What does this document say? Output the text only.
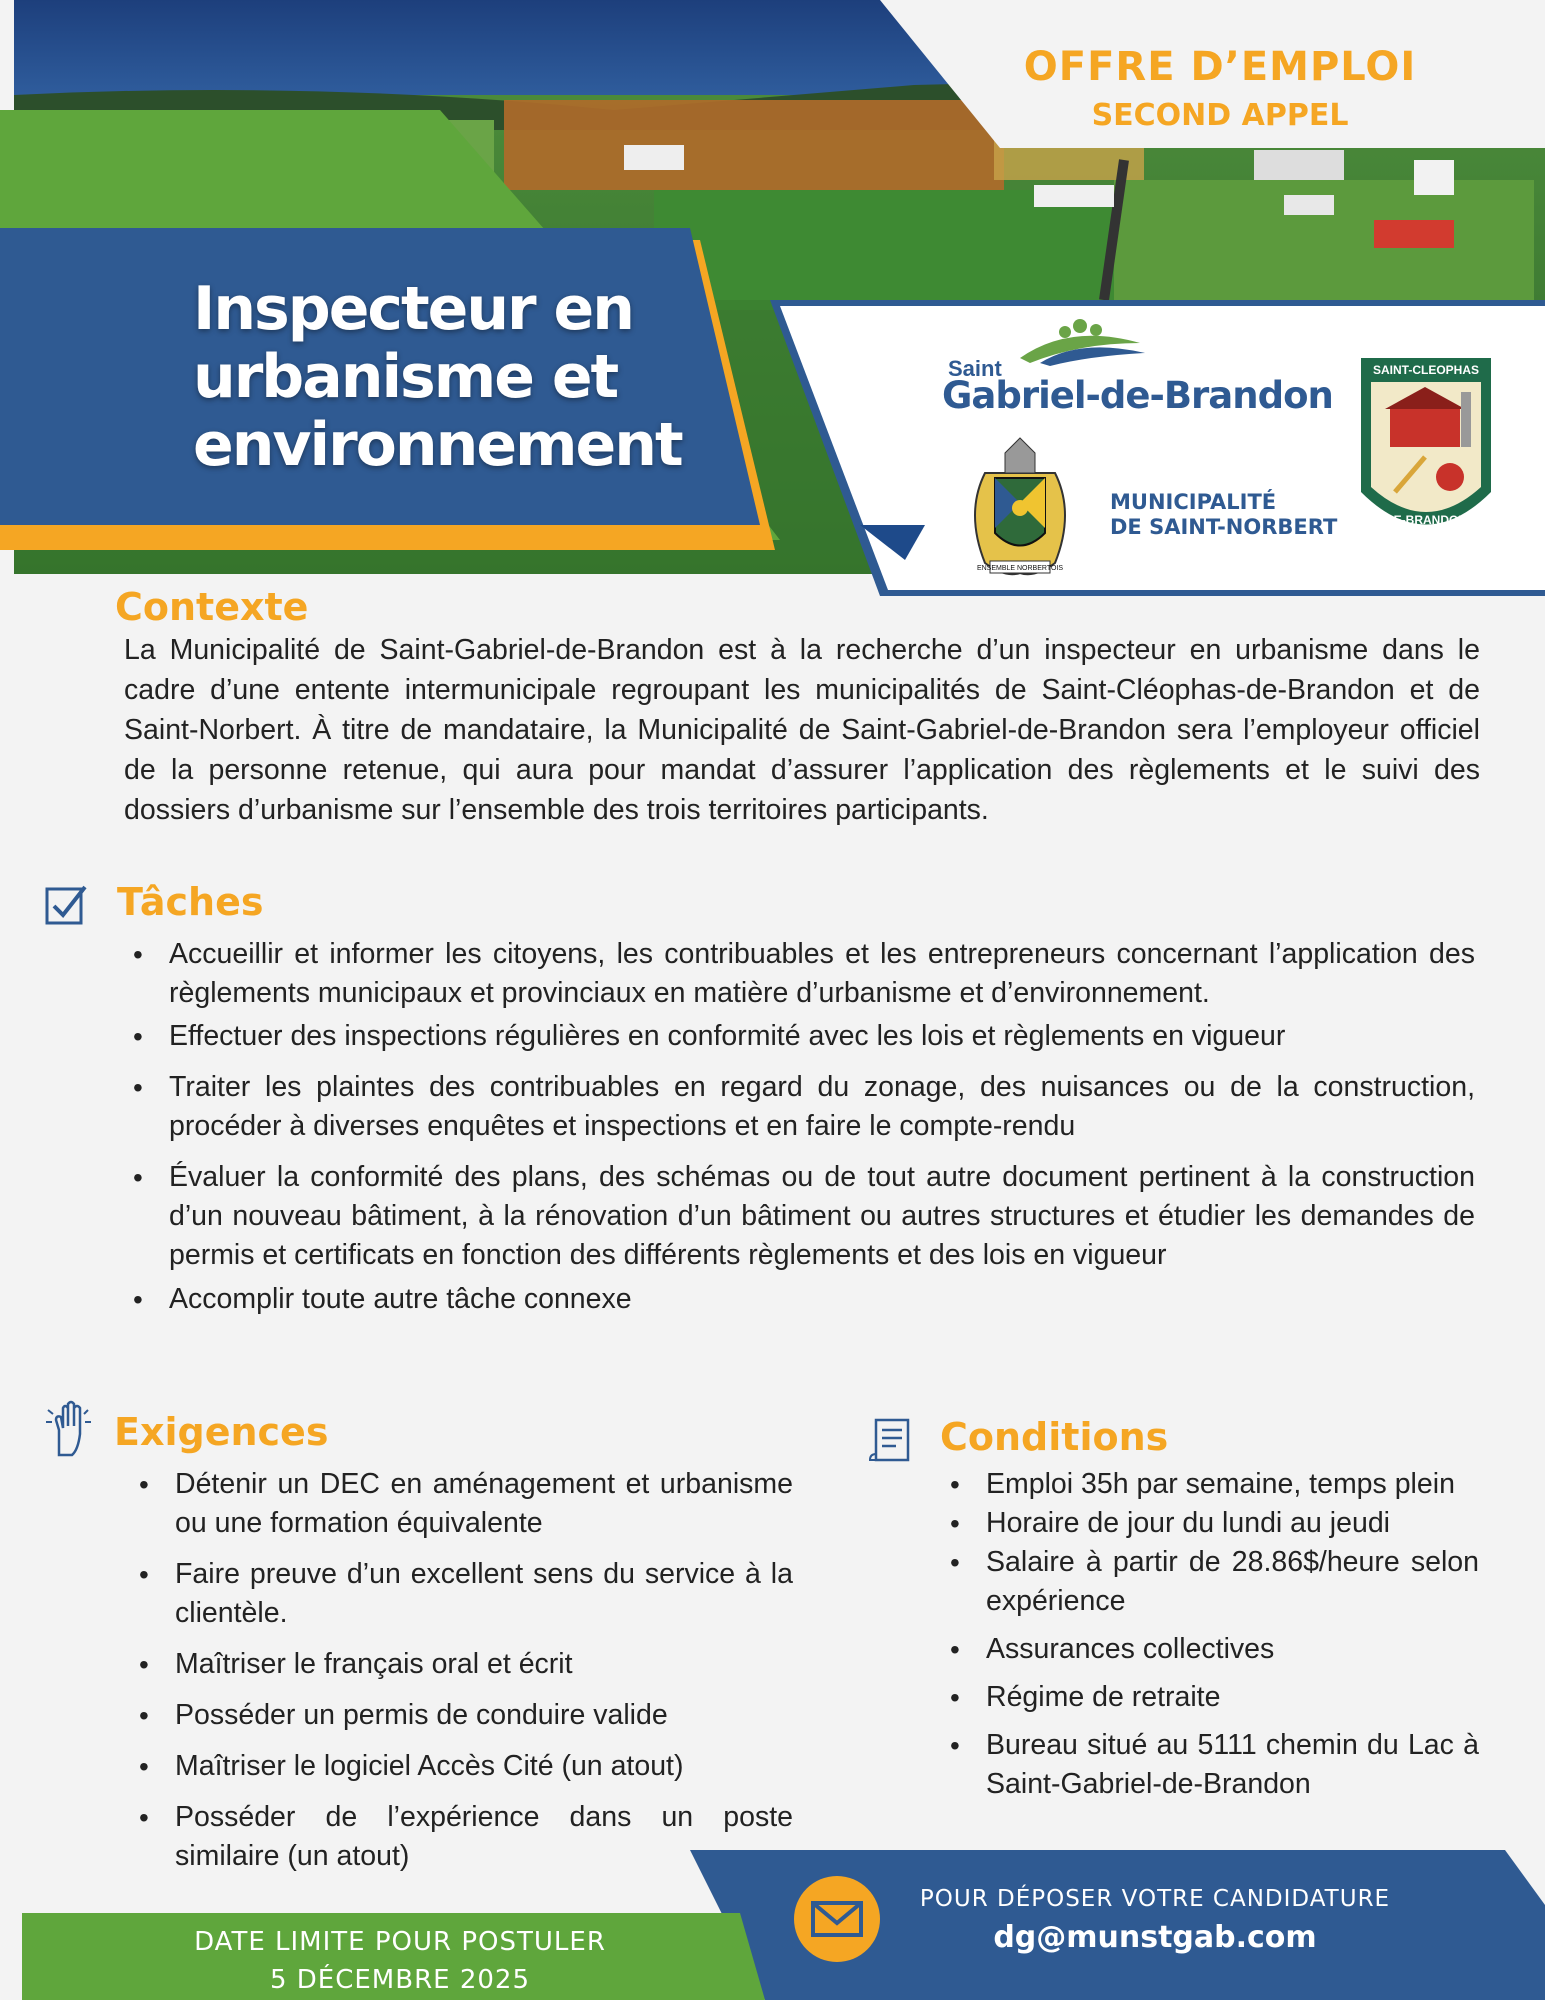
OFFRE D’EMPLOI
SECOND APPEL
Inspecteur en urbanisme et environnement
Saint
Gabriel-de-Brandon
ENSEMBLE NORBERTOIS
MUNICIPALITÉ
DE SAINT-NORBERT
SAINT-CLEOPHAS
DE-BRANDON
Contexte
La Municipalité de Saint-Gabriel-de-Brandon est à la recherche d’un inspecteur en urbanisme dans le cadre d’une entente intermunicipale regroupant les municipalités de Saint-Cléophas-de-Brandon et de Saint-Norbert. À titre de mandataire, la Municipalité de Saint-Gabriel-de-Brandon sera l’employeur officiel de la personne retenue, qui aura pour mandat d’assurer l’application des règlements et le suivi des dossiers d’urbanisme sur l’ensemble des trois territoires participants.
Tâches
• Accueillir et informer les citoyens, les contribuables et les entrepreneurs concernant l’application des règlements municipaux et provinciaux en matière d’urbanisme et d’environnement.
• Effectuer des inspections régulières en conformité avec les lois et règlements en vigueur
• Traiter les plaintes des contribuables en regard du zonage, des nuisances ou de la construction, procéder à diverses enquêtes et inspections et en faire le compte-rendu
• Évaluer la conformité des plans, des schémas ou de tout autre document pertinent à la construction d’un nouveau bâtiment, à la rénovation d’un bâtiment ou autres structures et étudier les demandes de permis et certificats en fonction des différents règlements et des lois en vigueur
• Accomplir toute autre tâche connexe
Exigences
• Détenir un DEC en aménagement et urbanisme ou une formation équivalente
• Faire preuve d’un excellent sens du service à la clientèle.
• Maîtriser le français oral et écrit
• Posséder un permis de conduire valide
• Maîtriser le logiciel Accès Cité (un atout)
• Posséder de l’expérience dans un poste similaire (un atout)
Conditions
• Emploi 35h par semaine, temps plein
• Horaire de jour du lundi au jeudi
• Salaire à partir de 28.86$/heure selon expérience
• Assurances collectives
• Régime de retraite
• Bureau situé au 5111 chemin du Lac à Saint-Gabriel-de-Brandon
DATE LIMITE POUR POSTULER
5 DÉCEMBRE 2025
POUR DÉPOSER VOTRE CANDIDATURE
dg@munstgab.com
